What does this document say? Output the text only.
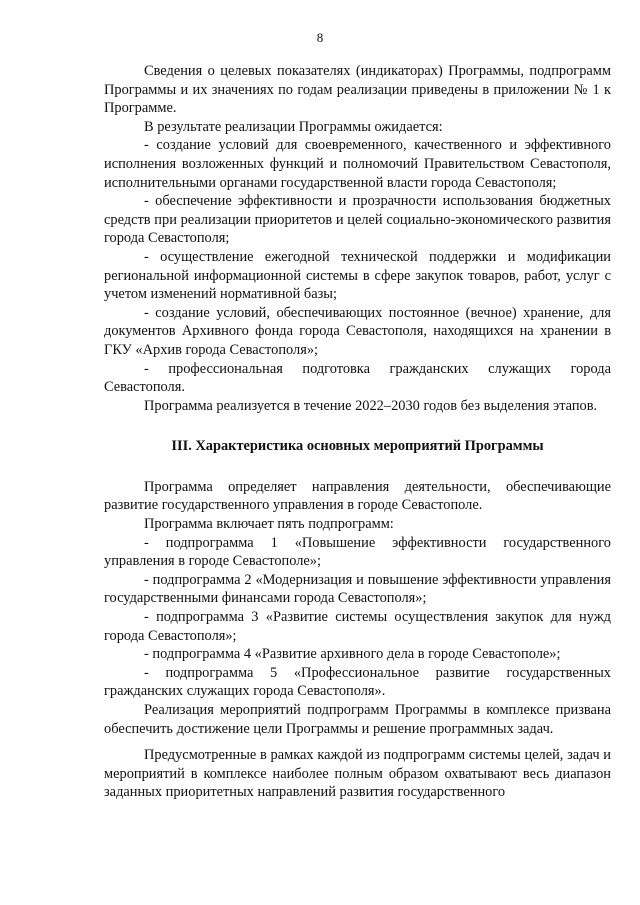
8

Сведения о целевых показателях (индикаторах) Программы, подпрограмм Программы и их значениях по годам реализации приведены в приложении № 1 к Программе.

В результате реализации Программы ожидается:

- создание условий для своевременного, качественного и эффективного исполнения возложенных функций и полномочий Правительством Севастополя, исполнительными органами государственной власти города Севастополя;

- обеспечение эффективности и прозрачности использования бюджетных средств при реализации приоритетов и целей социально-экономического развития города Севастополя;

- осуществление ежегодной технической поддержки и модификации региональной информационной системы в сфере закупок товаров, работ, услуг с учетом изменений нормативной базы;

- создание условий, обеспечивающих постоянное (вечное) хранение, для документов Архивного фонда города Севастополя, находящихся на хранении в ГКУ «Архив города Севастополя»;

- профессиональная подготовка гражданских служащих города Севастополя.

Программа реализуется в течение 2022–2030 годов без выделения этапов.

III. Характеристика основных мероприятий Программы

Программа определяет направления деятельности, обеспечивающие развитие государственного управления в городе Севастополе.

Программа включает пять подпрограмм:

- подпрограмма 1 «Повышение эффективности государственного управления в городе Севастополе»;

- подпрограмма 2 «Модернизация и повышение эффективности управления государственными финансами города Севастополя»;

- подпрограмма 3 «Развитие системы осуществления закупок для нужд города Севастополя»;

- подпрограмма 4 «Развитие архивного дела в городе Севастополе»;

- подпрограмма 5 «Профессиональное развитие государственных гражданских служащих города Севастополя».

Реализация мероприятий подпрограмм Программы в комплексе призвана обеспечить достижение цели Программы и решение программных задач.

Предусмотренные в рамках каждой из подпрограмм системы целей, задач и мероприятий в комплексе наиболее полным образом охватывают весь диапазон заданных приоритетных направлений развития государственного
